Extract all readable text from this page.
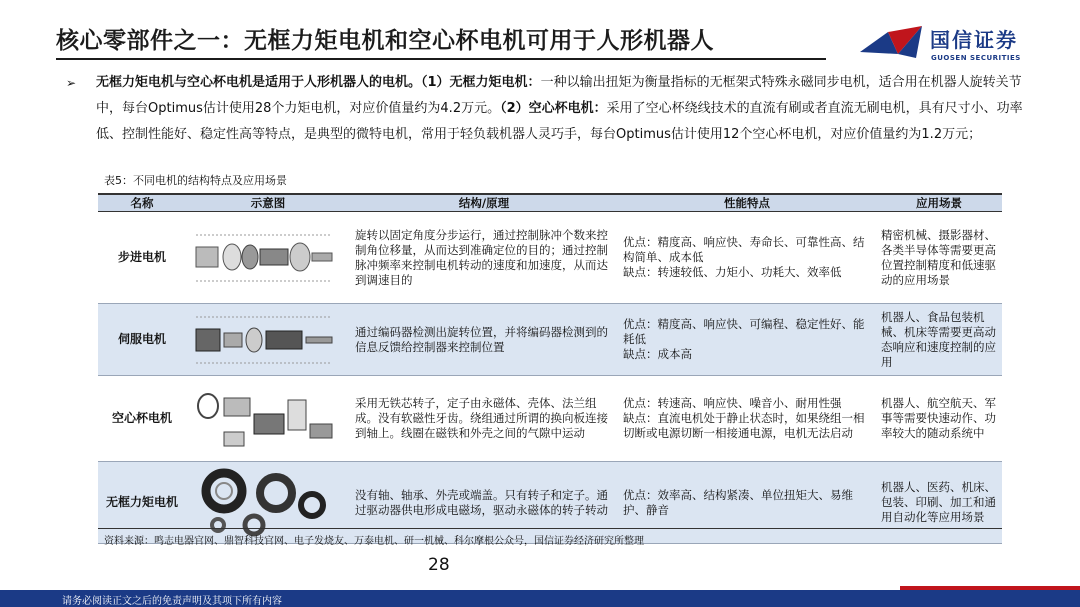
核心零部件之一：无框力矩电机和空心杯电机可用于人形机器人	国信证券
GUOSEN SECURITIES
➢ 无框力矩电机与空心杯电机是适用于人形机器人的电机。（1）无框力矩电机：一种以输出扭矩为衡量指标的无框架式特殊永磁同步电机，适合用在机器人旋转关节中，每台Optimus估计使用28个力矩电机，对应价值量约为4.2万元。（2）空心杯电机：采用了空心杯绕线技术的直流有刷或者直流无刷电机，具有尺寸小、功率低、控制性能好、稳定性高等特点，是典型的微特电机，常用于轻负载机器人灵巧手，每台Optimus估计使用12个空心杯电机，对应价值量约为1.2万元；
表5：不同电机的结构特点及应用场景
名称	示意图	结构/原理	性能特点	应用场景
步进电机		旋转以固定角度分步运行，通过控制脉冲个数来控制角位移量，从而达到准确定位的目的；通过控制脉冲频率来控制电机转动的速度和加速度，从而达到调速目的	优点：精度高、响应快、寿命长、可靠性高、结构简单、成本低
缺点：转速较低、力矩小、功耗大、效率低	精密机械、摄影器材、各类半导体等需要更高位置控制精度和低速驱动的应用场景
伺服电机		通过编码器检测出旋转位置，并将编码器检测到的信息反馈给控制器来控制位置	优点：精度高、响应快、可编程、稳定性好、能耗低
缺点：成本高	机器人、食品包装机械、机床等需要更高动态响应和速度控制的应用
空心杯电机		采用无铁芯转子，定子由永磁体、壳体、法兰组成。没有软磁性牙齿。绕组通过所谓的换向板连接到轴上。线圈在磁铁和外壳之间的气隙中运动	优点：转速高、响应快、噪音小、耐用性强
缺点：直流电机处于静止状态时，如果绕组一相切断或电源切断一相接通电源，电机无法启动	机器人、航空航天、军事等需要快速动作、功率较大的随动系统中
无框力矩电机		没有轴、轴承、外壳或端盖。只有转子和定子。通过驱动器供电形成电磁场，驱动永磁体的转子转动	优点：效率高、结构紧凑、单位扭矩大、易维护、静音	机器人、医药、机床、包装、印刷、加工和通用自动化等应用场景
资料来源：鸣志电器官网、鼎智科技官网、电子发烧友、万泰电机、研一机械、科尔摩根公众号，国信证券经济研究所整理
28
请务必阅读正文之后的免责声明及其项下所有内容
